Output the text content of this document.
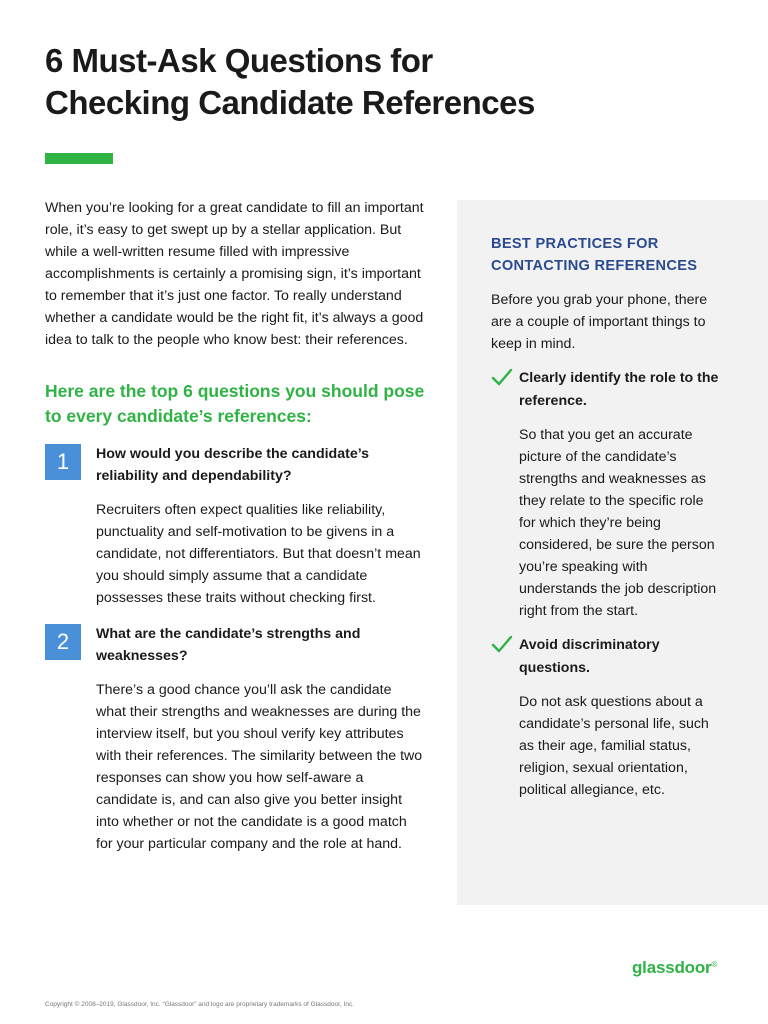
6 Must-Ask Questions for
Checking Candidate References

When you’re looking for a great candidate to fill an important role, it’s easy to get swept up by a stellar application. But while a well-written resume filled with impressive accomplishments is certainly a promising sign, it’s important to remember that it’s just one factor. To really understand whether a candidate would be the right fit, it’s always a good idea to talk to the people who know best: their references.

Here are the top 6 questions you should pose to every candidate’s references:

1	How would you describe the candidate’s reliability and dependability?

Recruiters often expect qualities like reliability, punctuality and self-motivation to be givens in a candidate, not differentiators. But that doesn’t mean you should simply assume that a candidate possesses these traits without checking first.

2	What are the candidate’s strengths and weaknesses?

There’s a good chance you’ll ask the candidate what their strengths and weaknesses are during the interview itself, but you shoul verify key attributes with their references. The similarity between the two responses can show you how self-aware a candidate is, and can also give you better insight into whether or not the candidate is a good match for your particular company and the role at hand.

BEST PRACTICES FOR CONTACTING REFERENCES

Before you grab your phone, there are a couple of important things to keep in mind.

Clearly identify the role to the reference.

So that you get an accurate picture of the candidate’s strengths and weaknesses as they relate to the specific role for which they’re being considered, be sure the person you’re speaking with understands the job description right from the start.

Avoid discriminatory questions.

Do not ask questions about a candidate’s personal life, such as their age, familial status, religion, sexual orientation, political allegiance, etc.

glassdoor®
Copyright © 2008–2019, Glassdoor, Inc. “Glassdoor” and logo are proprietary trademarks of Glassdoor, Inc.
